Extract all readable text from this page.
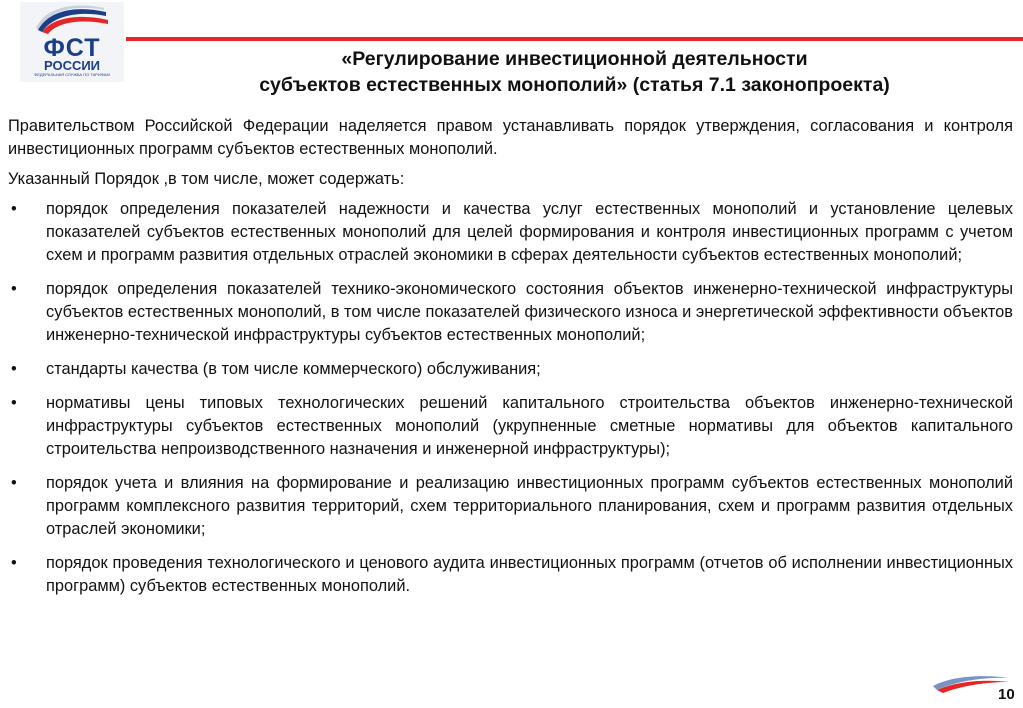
ФСТ
РОССИИ
ФЕДЕРАЛЬНАЯ СЛУЖБА ПО ТАРИФАМ
«Регулирование инвестиционной деятельности
субъектов естественных монополий» (статья 7.1 законопроекта)

Правительством Российской Федерации наделяется правом устанавливать порядок утверждения, согласования и контроля инвестиционных программ субъектов естественных монополий.

Указанный Порядок ,в том числе, может содержать:

• порядок определения показателей надежности и качества услуг естественных монополий и установление целевых показателей субъектов естественных монополий для целей формирования и контроля инвестиционных программ с учетом схем и программ развития отдельных отраслей экономики в сферах деятельности субъектов естественных монополий;
• порядок определения показателей технико-экономического состояния объектов инженерно-технической инфраструктуры субъектов естественных монополий, в том числе показателей физического износа и энергетической эффективности объектов инженерно-технической инфраструктуры субъектов естественных монополий;
• стандарты качества (в том числе коммерческого) обслуживания;
• нормативы цены типовых технологических решений капитального строительства объектов инженерно-технической инфраструктуры субъектов естественных монополий (укрупненные сметные нормативы для объектов капитального строительства непроизводственного назначения и инженерной инфраструктуры);
• порядок учета и влияния на формирование и реализацию инвестиционных программ субъектов естественных монополий программ комплексного развития территорий, схем территориального планирования, схем и программ развития отдельных отраслей экономики;
• порядок проведения технологического и ценового аудита инвестиционных программ (отчетов об исполнении инвестиционных программ) субъектов естественных монополий.
10
